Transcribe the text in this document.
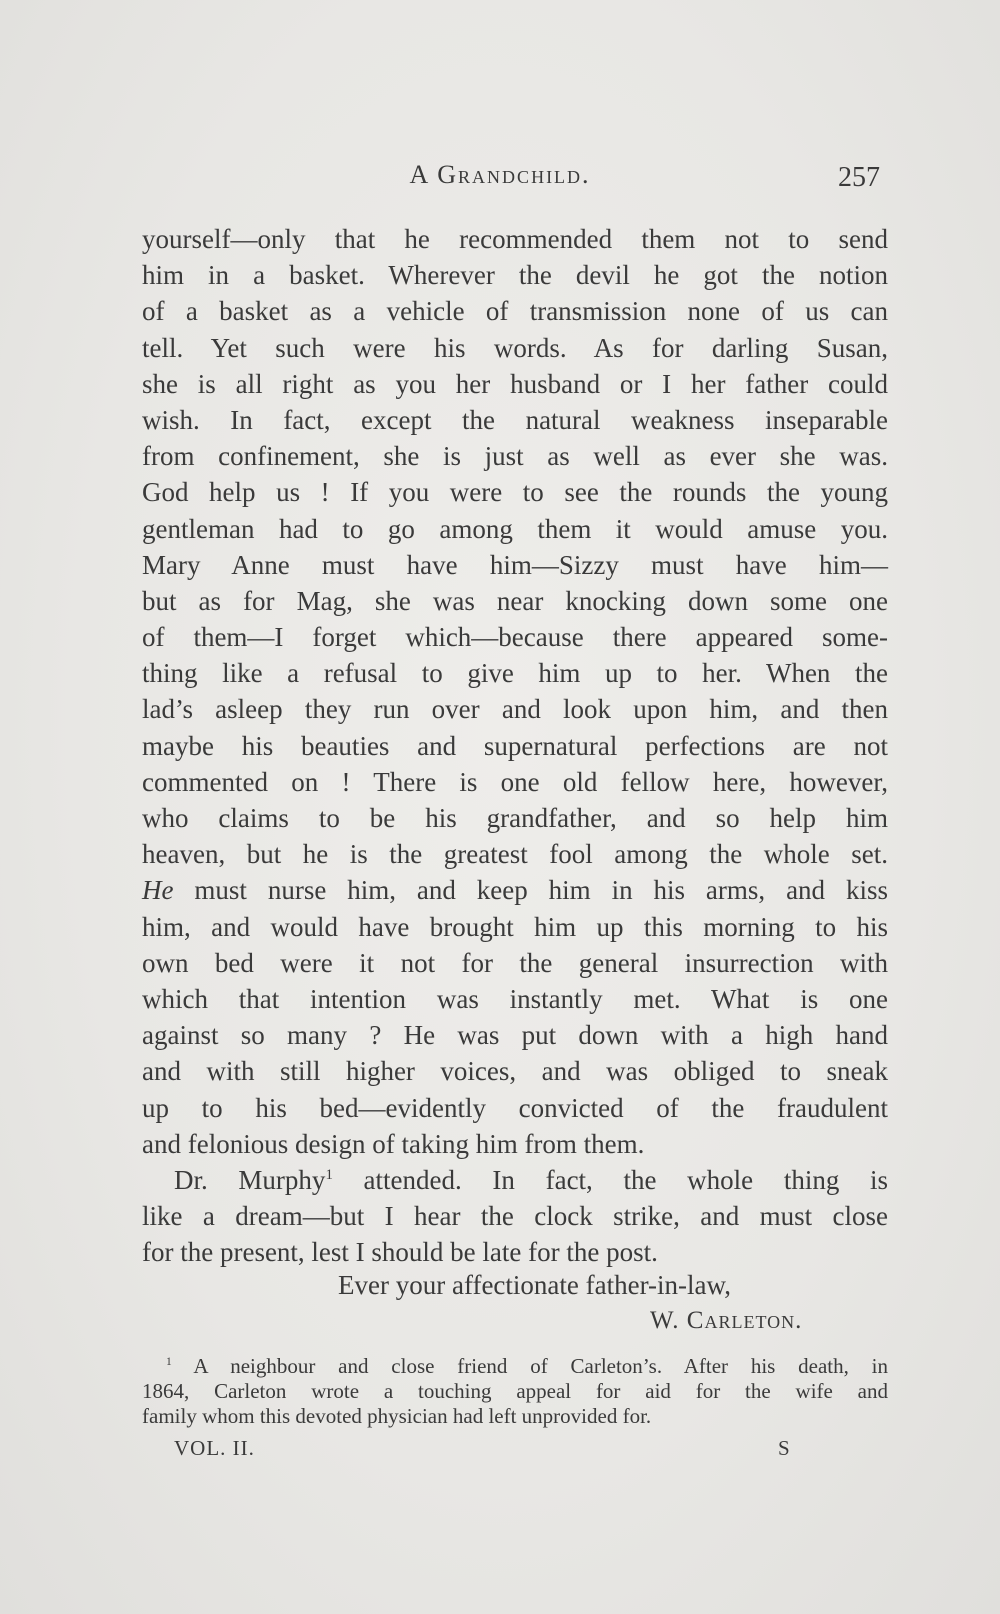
A Grandchild.	257
yourself—only that he recommended them not to send
him in a basket. Wherever the devil he got the notion
of a basket as a vehicle of transmission none of us can
tell. Yet such were his words. As for darling Susan,
she is all right as you her husband or I her father could
wish. In fact, except the natural weakness inseparable
from confinement, she is just as well as ever she was.
God help us ! If you were to see the rounds the young
gentleman had to go among them it would amuse you.
Mary Anne must have him—Sizzy must have him—
but as for Mag, she was near knocking down some one
of them—I forget which—because there appeared some-
thing like a refusal to give him up to her. When the
lad’s asleep they run over and look upon him, and then
maybe his beauties and supernatural perfections are not
commented on ! There is one old fellow here, however,
who claims to be his grandfather, and so help him
heaven, but he is the greatest fool among the whole set.
He must nurse him, and keep him in his arms, and kiss
him, and would have brought him up this morning to his
own bed were it not for the general insurrection with
which that intention was instantly met. What is one
against so many ? He was put down with a high hand
and with still higher voices, and was obliged to sneak
up to his bed—evidently convicted of the fraudulent
and felonious design of taking him from them.
Dr. Murphy$^1$ attended. In fact, the whole thing is
like a dream—but I hear the clock strike, and must close
for the present, lest I should be late for the post.
Ever your affectionate father-in-law,
W. Carleton.
$^1$ A neighbour and close friend of Carleton’s. After his death, in
1864, Carleton wrote a touching appeal for aid for the wife and
family whom this devoted physician had left unprovided for.
VOL. II.	S
